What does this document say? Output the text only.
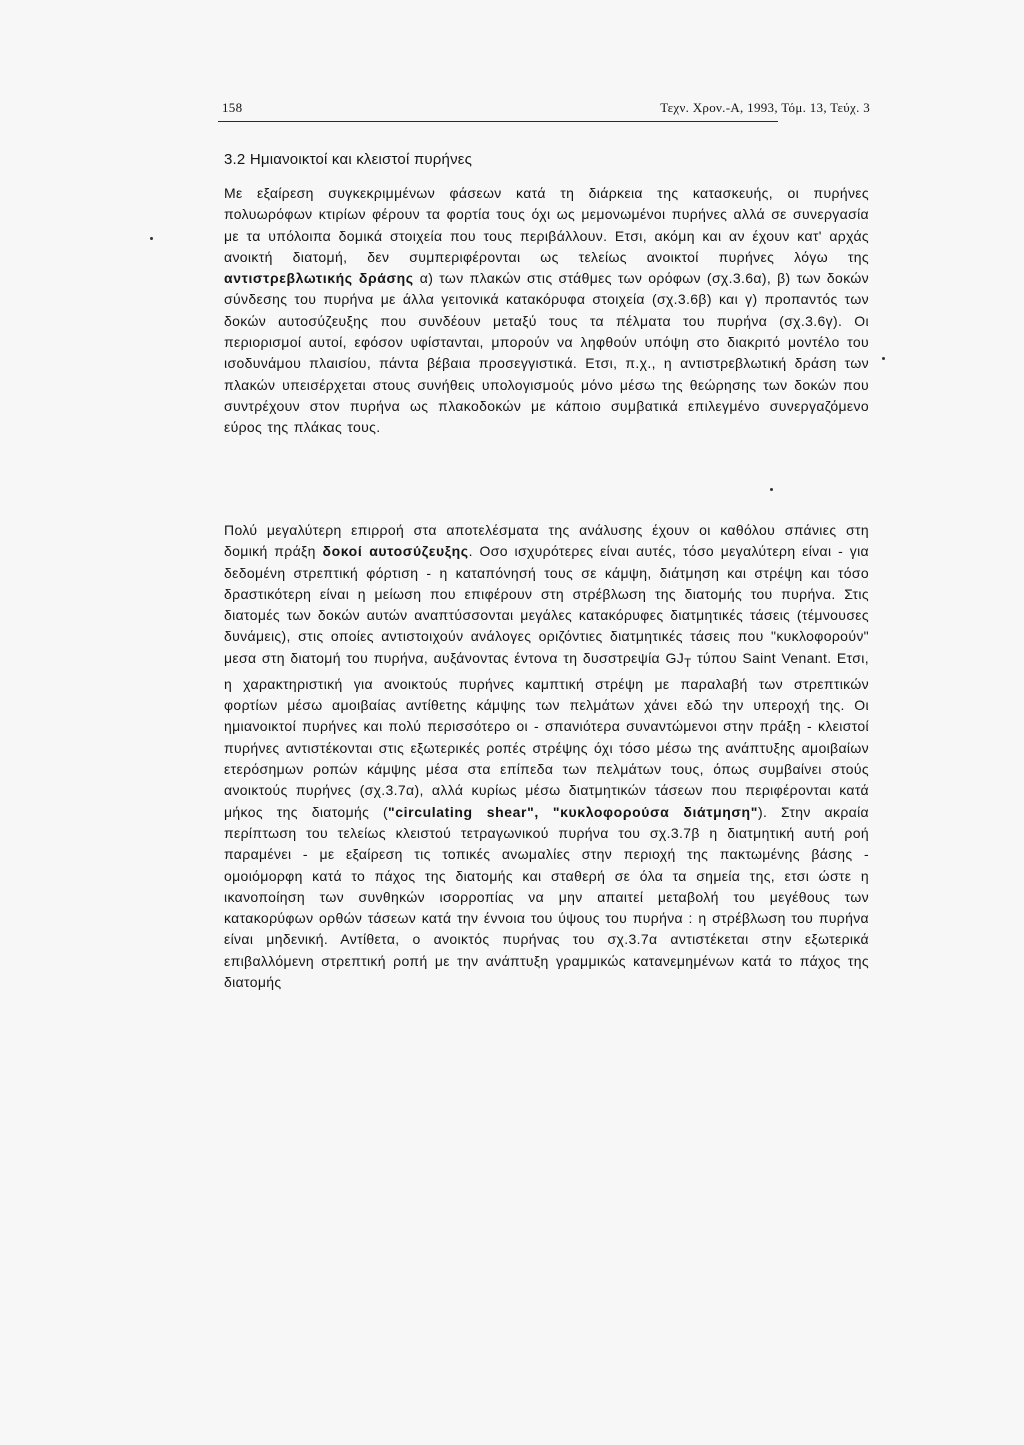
158	Τεχν. Χρον.-Α, 1993, Τόμ. 13, Τεύχ. 3
3.2 Ημιανοικτοί και κλειστοί πυρήνες

Με εξαίρεση συγκεκριμμένων φάσεων κατά τη διάρκεια της κατασκευής, οι πυρήνες πολυωρόφων κτιρίων φέρουν τα φορτία τους όχι ως μεμονωμένοι πυρήνες αλλά σε συνεργασία με τα υπόλοιπα δομικά στοιχεία που τους περιβάλλουν. Ετσι, ακόμη και αν έχουν κατ' αρχάς ανοικτή διατομή, δεν συμπεριφέρονται ως τελείως ανοικτοί πυρήνες λόγω της αντιστρεβλωτικής δράσης α) των πλακών στις στάθμες των ορόφων (σχ.3.6α), β) των δοκών σύνδεσης του πυρήνα με άλλα γειτονικά κατακόρυφα στοιχεία (σχ.3.6β) και γ) προπαντός των δοκών αυτοσύζευξης που συνδέουν μεταξύ τους τα πέλματα του πυρήνα (σχ.3.6γ). Οι περιορισμοί αυτοί, εφόσον υφίστανται, μπορούν να ληφθούν υπόψη στο διακριτό μοντέλο του ισοδυνάμου πλαισίου, πάντα βέβαια προσεγγιστικά. Ετσι, π.χ., η αντιστρεβλωτική δράση των πλακών υπεισέρχεται στους συνήθεις υπολογισμούς μόνο μέσω της θεώρησης των δοκών που συντρέχουν στον πυρήνα ως πλακοδοκών με κάποιο συμβατικά επιλεγμένο συνεργαζόμενο εύρος της πλάκας τους.

Πολύ μεγαλύτερη επιρροή στα αποτελέσματα της ανάλυσης έχουν οι καθόλου σπάνιες στη δομική πράξη δοκοί αυτοσύζευξης. Οσο ισχυρότερες είναι αυτές, τόσο μεγαλύτερη είναι - για δεδομένη στρεπτική φόρτιση - η καταπόνησή τους σε κάμψη, διάτμηση και στρέψη και τόσο δραστικότερη είναι η μείωση που επιφέρουν στη στρέβλωση της διατομής του πυρήνα. Στις διατομές των δοκών αυτών αναπτύσσονται μεγάλες κατακόρυφες διατμητικές τάσεις (τέμνουσες δυνάμεις), στις οποίες αντιστοιχούν ανάλογες οριζόντιες διατμητικές τάσεις που "κυκλοφορούν" μεσα στη διατομή του πυρήνα, αυξάνοντας έντονα τη δυσστρεψία $GJ_T$ τύπου Saint Venant. Ετσι, η χαρακτηριστική για ανοικτούς πυρήνες καμπτική στρέψη με παραλαβή των στρεπτικών φορτίων μέσω αμοιβαίας αντίθετης κάμψης των πελμάτων χάνει εδώ την υπεροχή της. Οι ημιανοικτοί πυρήνες και πολύ περισσότερο οι - σπανιότερα συναντώμενοι στην πράξη - κλειστοί πυρήνες αντιστέκονται στις εξωτερικές ροπές στρέψης όχι τόσο μέσω της ανάπτυξης αμοιβαίων ετερόσημων ροπών κάμψης μέσα στα επίπεδα των πελμάτων τους, όπως συμβαίνει στούς ανοικτούς πυρήνες (σχ.3.7α), αλλά κυρίως μέσω διατμητικών τάσεων που περιφέρονται κατά μήκος της διατομής ("circulating shear", "κυκλοφορούσα διάτμηση"). Στην ακραία περίπτωση του τελείως κλειστού τετραγωνικού πυρήνα του σχ.3.7β η διατμητική αυτή ροή παραμένει - με εξαίρεση τις τοπικές ανωμαλίες στην περιοχή της πακτωμένης βάσης - ομοιόμορφη κατά το πάχος της διατομής και σταθερή σε όλα τα σημεία της, ετσι ώστε η ικανοποίηση των συνθηκών ισορροπίας να μην απαιτεί μεταβολή του μεγέθους των κατακορύφων ορθών τάσεων κατά την έννοια του ύψους του πυρήνα : η στρέβλωση του πυρήνα είναι μηδενική. Αντίθετα, ο ανοικτός πυρήνας του σχ.3.7α αντιστέκεται στην εξωτερικά επιβαλλόμενη στρεπτική ροπή με την ανάπτυξη γραμμικώς κατανεμημένων κατά το πάχος της διατομής
